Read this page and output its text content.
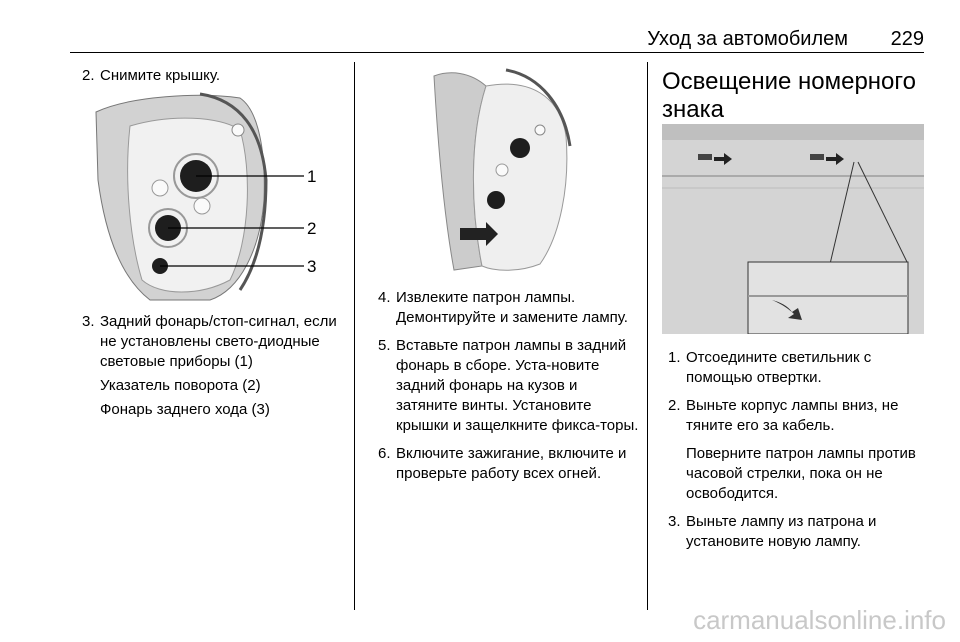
Уход за автомобилем 229

2. Снимите крышку.

1
2
3

3. Задний фонарь/стоп-сигнал, если не установлены свето-диодные световые приборы (1)

Указатель поворота (2)

Фонарь заднего хода (3)

4. Извлеките патрон лампы. Демонтируйте и замените лампу.

5. Вставьте патрон лампы в задний фонарь в сборе. Уста-новите задний фонарь на кузов и затяните винты. Установите крышки и защелкните фикса-торы.

6. Включите зажигание, включите и проверьте работу всех огней.

Освещение номерного знака

1. Отсоедините светильник с помощью отвертки.

2. Выньте корпус лампы вниз, не тяните его за кабель.

Поверните патрон лампы против часовой стрелки, пока он не освободится.

3. Выньте лампу из патрона и установите новую лампу.

carmanualsonline.info
